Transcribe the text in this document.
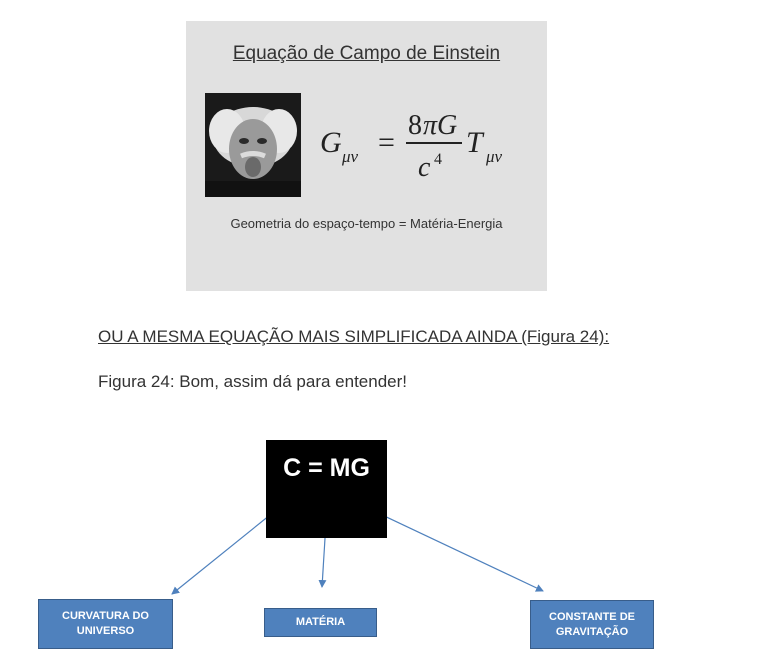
Equação de Campo de Einstein
G μν =
8 πG
c 4
T μν
Geometria do espaço-tempo = Matéria-Energia
OU A MESMA EQUAÇÃO MAIS SIMPLIFICADA AINDA (Figura 24):
Figura 24: Bom, assim dá para entender!
C = MG
CURVATURA DO UNIVERSO
MATÉRIA	CONSTANTE DE GRAVITAÇÃO
